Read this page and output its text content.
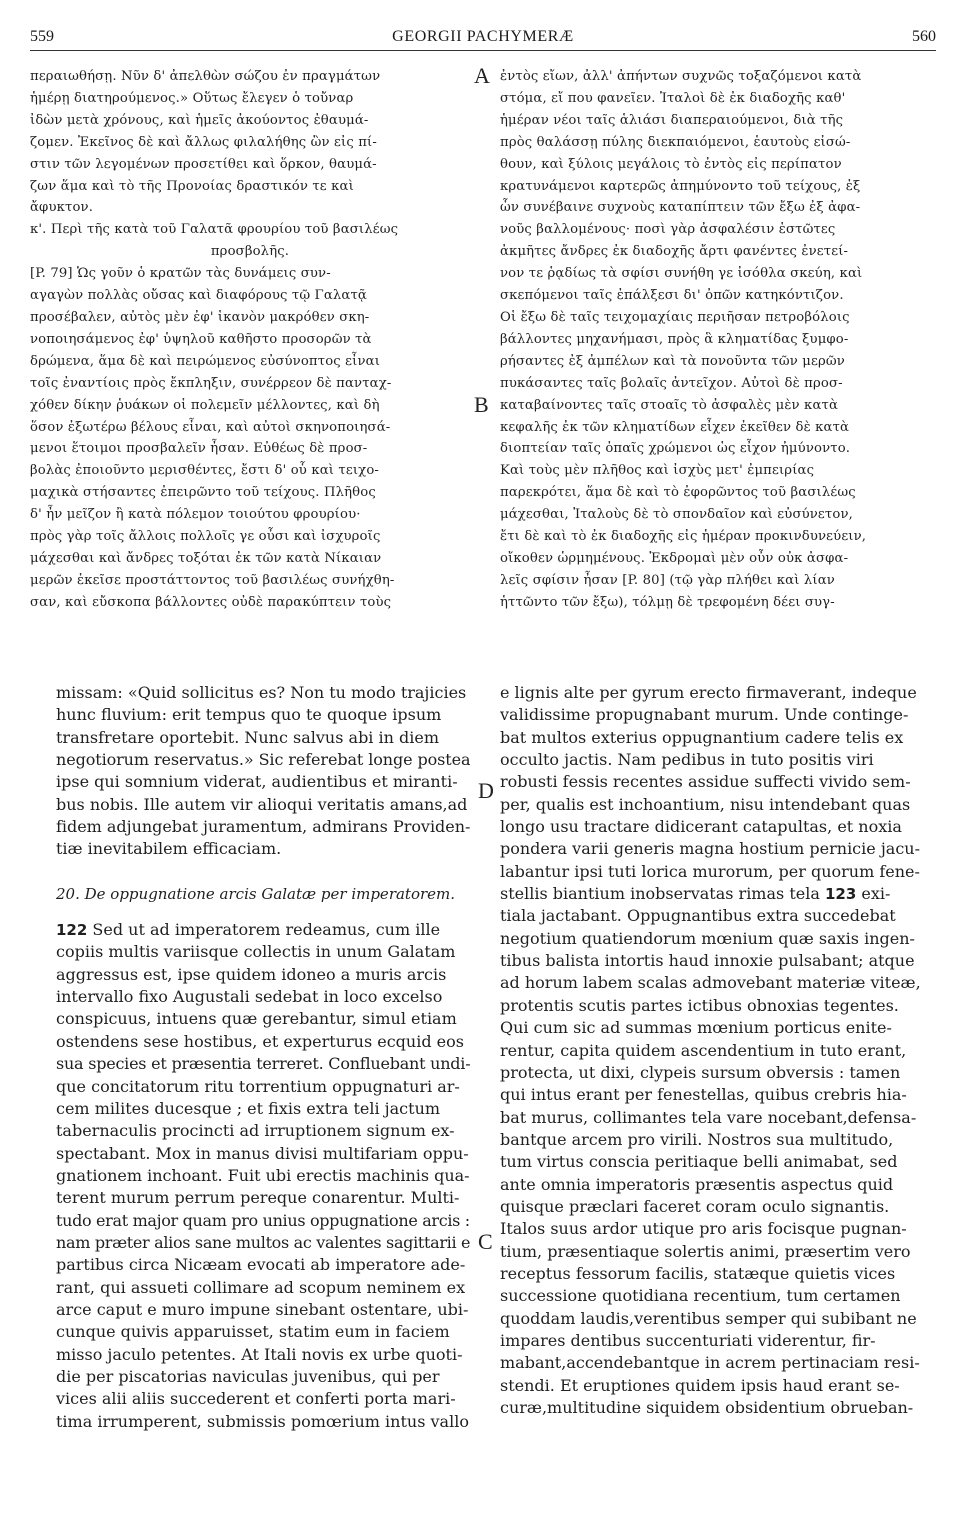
559	GEORGII PACHYMERÆ	560
A
B
D
C
περαιωθήσῃ. Νῦν δ' ἀπελθὼν σώζου ἐν πραγμάτων
ἡμέρῃ διατηρούμενος.» Οὕτως ἔλεγεν ὁ τοὔναρ
ἰδὼν μετὰ χρόνους, καὶ ἡμεῖς ἀκούοντος ἐθαυμά-
ζομεν. Ἐκεῖνος δὲ καὶ ἄλλως φιλαλήθης ὢν εἰς πί-
στιν τῶν λεγομένων προσετίθει καὶ ὅρκον, θαυμά-
ζων ἅμα καὶ τὸ τῆς Προνοίας δραστικόν τε καὶ
ἄφυκτον.
κ'. Περὶ τῆς κατὰ τοῦ Γαλατᾶ φρουρίου τοῦ βασιλέως
προσβολῆς.
[P. 79] Ὡς γοῦν ὁ κρατῶν τὰς δυνάμεις συν-
αγαγὼν πολλὰς οὔσας καὶ διαφόρους τῷ Γαλατᾷ
προσέβαλεν, αὐτὸς μὲν ἐφ' ἱκανὸν μακρόθεν σκη-
νοποιησάμενος ἐφ' ὑψηλοῦ καθῆστο προσορῶν τὰ
δρώμενα, ἅμα δὲ καὶ πειρώμενος εὐσύνοπτος εἶναι
τοῖς ἐναντίοις πρὸς ἔκπληξιν, συνέρρεον δὲ πανταχ-
χόθεν δίκην ῥυάκων οἱ πολεμεῖν μέλλοντες, καὶ δὴ
ὅσον ἐξωτέρω βέλους εἶναι, καὶ αὐτοὶ σκηνοποιησά-
μενοι ἕτοιμοι προσβαλεῖν ἦσαν. Εὐθέως δὲ προσ-
βολὰς ἐποιοῦντο μερισθέντες, ἔστι δ' οὗ καὶ τειχο-
μαχικὰ στήσαντες ἐπειρῶντο τοῦ τείχους. Πλῆθος
δ' ἦν μεῖζον ἢ κατὰ πόλεμον τοιούτου φρουρίου·
πρὸς γὰρ τοῖς ἄλλοις πολλοῖς γε οὖσι καὶ ἰσχυροῖς
μάχεσθαι καὶ ἄνδρες τοξόται ἐκ τῶν κατὰ Νίκαιαν
μερῶν ἐκεῖσε προστάττοντος τοῦ βασιλέως συνήχθη-
σαν, καὶ εὔσκοπα βάλλοντες οὐδὲ παρακύπτειν τοὺς
ἐντὸς εἴων, ἀλλ' ἀπήντων συχνῶς τοξαζόμενοι κατὰ
στόμα, εἴ που φανεῖεν. Ἰταλοὶ δὲ ἐκ διαδοχῆς καθ'
ἡμέραν νέοι ταῖς ἁλιάσι διαπεραιούμενοι, διὰ τῆς
πρὸς θαλάσσῃ πύλης διεκπαιόμενοι, ἑαυτοὺς εἰσώ-
θουν, καὶ ξύλοις μεγάλοις τὸ ἐντὸς εἰς περίπατον
κρατυνάμενοι καρτερῶς ἀπημύνοντο τοῦ τείχους, ἐξ
ὧν συνέβαινε συχνοὺς καταπίπτειν τῶν ἔξω ἐξ ἀφα-
νοῦς βαλλομένους· ποσὶ γὰρ ἀσφαλέσιν ἑστῶτες
ἀκμῆτες ἄνδρες ἐκ διαδοχῆς ἄρτι φανέντες ἐνετεί-
νον τε ῥᾳδίως τὰ σφίσι συνήθη γε ἰσόθλα σκεύη, καὶ
σκεπόμενοι ταῖς ἐπάλξεσι δι' ὀπῶν κατηκόντιζον.
Οἱ ἔξω δὲ ταῖς τειχομαχίαις περιῆσαν πετροβόλοις
βάλλοντες μηχανήμασι, πρὸς ἃ κληματίδας ξυμφο-
ρήσαντες ἐξ ἀμπέλων καὶ τὰ πονοῦντα τῶν μερῶν
πυκάσαντες ταῖς βολαῖς ἀντεῖχον. Αὐτοὶ δὲ προσ-
καταβαίνοντες ταῖς στοαῖς τὸ ἀσφαλὲς μὲν κατὰ
κεφαλῆς ἐκ τῶν κληματίδων εἶχεν ἐκεῖθεν δὲ κατὰ
διοπτείαν ταῖς ὀπαῖς χρώμενοι ὡς εἶχον ἠμύνοντο.
Καὶ τοὺς μὲν πλῆθος καὶ ἰσχὺς μετ' ἐμπειρίας
παρεκρότει, ἅμα δὲ καὶ τὸ ἐφορῶντος τοῦ βασιλέως
μάχεσθαι, Ἰταλοὺς δὲ τὸ σπονδαῖον καὶ εὐσύνετον,
ἔτι δὲ καὶ τὸ ἐκ διαδοχῆς εἰς ἡμέραν προκινδυνεύειν,
οἴκοθεν ὡρμημένους. Ἐκδρομαὶ μὲν οὖν οὐκ ἀσφα-
λεῖς σφίσιν ἦσαν [P. 80] (τῷ γὰρ πλήθει καὶ λίαν
ἡττῶντο τῶν ἔξω), τόλμῃ δὲ τρεφομένη δέει συγ-
missam: «Quid sollicitus es? Non tu modo trajicies
hunc fluvium: erit tempus quo te quoque ipsum
transfretare oportebit. Nunc salvus abi in diem
negotiorum reservatus.» Sic referebat longe postea
ipse qui somnium viderat, audientibus et miranti-
bus nobis. Ille autem vir alioqui veritatis amans,ad
fidem adjungebat juramentum, admirans Providen-
tiæ inevitabilem efficaciam.
20. De oppugnatione arcis Galatæ per imperatorem.
122 Sed ut ad imperatorem redeamus, cum ille
copiis multis variisque collectis in unum Galatam
aggressus est, ipse quidem idoneo a muris arcis
intervallo fixo Augustali sedebat in loco excelso
conspicuus, intuens quæ gerebantur, simul etiam
ostendens sese hostibus, et experturus ecquid eos
sua species et præsentia terreret. Confluebant undi-
que concitatorum ritu torrentium oppugnaturi ar-
cem milites ducesque ; et fixis extra teli jactum
tabernaculis procincti ad irruptionem signum ex-
spectabant. Mox in manus divisi multifariam oppu-
gnationem inchoant. Fuit ubi erectis machinis qua-
terent murum perrum pereque conarentur. Multi-
tudo erat major quam pro unius oppugnatione arcis :
nam præter alios sane multos ac valentes sagittarii e
partibus circa Nicæam evocati ab imperatore ade-
rant, qui assueti collimare ad scopum neminem ex
arce caput e muro impune sinebant ostentare, ubi-
cunque quivis apparuisset, statim eum in faciem
misso jaculo petentes. At Itali novis ex urbe quoti-
die per piscatorias naviculas juvenibus, qui per
vices alii aliis succederent et conferti porta mari-
tima irrumperent, submissis pomœrium intus vallo
e lignis alte per gyrum erecto firmaverant, indeque
validissime propugnabant murum. Unde continge-
bat multos exterius oppugnantium cadere telis ex
occulto jactis. Nam pedibus in tuto positis viri
robusti fessis recentes assidue suffecti vivido sem-
per, qualis est inchoantium, nisu intendebant quas
longo usu tractare didicerant catapultas, et noxia
pondera varii generis magna hostium pernicie jacu-
labantur ipsi tuti lorica murorum, per quorum fene-
stellis biantium inobservatas rimas tela 123 exi-
tiala jactabant. Oppugnantibus extra succedebat
negotium quatiendorum mœnium quæ saxis ingen-
tibus balista intortis haud innoxie pulsabant; atque
ad horum labem scalas admovebant materiæ viteæ,
protentis scutis partes ictibus obnoxias tegentes.
Qui cum sic ad summas mœnium porticus enite-
rentur, capita quidem ascendentium in tuto erant,
protecta, ut dixi, clypeis sursum obversis : tamen
qui intus erant per fenestellas, quibus crebris hia-
bat murus, collimantes tela vare nocebant,defensa-
bantque arcem pro virili. Nostros sua multitudo,
tum virtus conscia peritiaque belli animabat, sed
ante omnia imperatoris præsentis aspectus quid
quisque præclari faceret coram oculo signantis.
Italos suus ardor utique pro aris focisque pugnan-
tium, præsentiaque solertis animi, præsertim vero
receptus fessorum facilis, statæque quietis vices
successione quotidiana recentium, tum certamen
quoddam laudis,verentibus semper qui subibant ne
impares dentibus succenturiati viderentur, fir-
mabant,accendebantque in acrem pertinaciam resi-
stendi. Et eruptiones quidem ipsis haud erant se-
curæ,multitudine siquidem obsidentium obrueban-
